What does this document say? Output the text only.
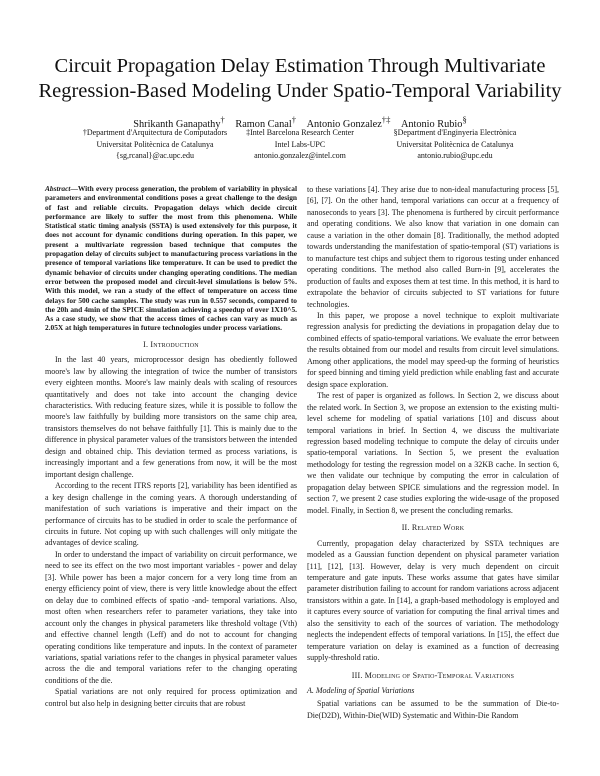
Circuit Propagation Delay Estimation Through Multivariate
Regression-Based Modeling Under Spatio-Temporal Variability
Shrikanth Ganapathy† Ramon Canal† Antonio Gonzalez†‡ Antonio Rubio§
†Department d'Arquitectura de Computadors
Universitat Politècnica de Catalunya
{sg,rcanal}@ac.upc.edu
‡Intel Barcelona Research Center
Intel Labs-UPC
antonio.gonzalez@intel.com
§Department d'Enginyeria Electrònica
Universitat Politècnica de Catalunya
antonio.rubio@upc.edu
Abstract—With every process generation, the problem of variability in physical parameters and environmental conditions poses a great challenge to the design of fast and reliable circuits. Propagation delays which decide circuit performance are likely to suffer the most from this phenomena. While Statistical static timing analysis (SSTA) is used extensively for this purpose, it does not account for dynamic conditions during operation. In this paper, we present a multivariate regression based technique that computes the propagation delay of circuits subject to manufacturing process variations in the presence of temporal variations like temperature. It can be used to predict the dynamic behavior of circuits under changing operating conditions. The median error between the proposed model and circuit-level simulations is below 5%. With this model, we ran a study of the effect of temperature on access time delays for 500 cache samples. The study was run in 0.557 seconds, compared to the 20h and 4min of the SPICE simulation achieving a speedup of over 1X10^5. As a case study, we show that the access times of caches can vary as much as 2.05X at high temperatures in future technologies under process variations.
I. Introduction

In the last 40 years, microprocessor design has obediently followed moore's law by allowing the integration of twice the number of transistors every eighteen months. Moore's law mainly deals with scaling of resources quantitatively and does not take into account the changing device characteristics. With reducing feature sizes, while it is possible to follow the moore's law faithfully by building more transistors on the same chip area, transistors themselves do not behave faithfully [1]. This is mainly due to the difference in physical parameter values of the transistors between the intended design and obtained chip. This deviation termed as process variations, is increasingly important and a few generations from now, it will be the most important design challenge.

According to the recent ITRS reports [2], variability has been identified as a key design challenge in the coming years. A thorough understanding of manifestation of such variations is imperative and their impact on the performance of circuits has to be studied in order to scale the performance of circuits in future. Not coping up with such challenges will only mitigate the advantages of device scaling.

In order to understand the impact of variability on circuit performance, we need to see its effect on the two most important variables - power and delay [3]. While power has been a major concern for a very long time from an energy efficiency point of view, there is very little knowledge about the effect on delay due to combined effects of spatio -and- temporal variations. Also, most often when researchers refer to parameter variations, they take into account only the changes in physical parameters like threshold voltage (Vth) and effective channel length (Leff) and do not to account for changing operating conditions like temperature and inputs. In the context of parameter variations, spatial variations refer to the changes in physical parameter values across the die and temporal variations refer to the changing operating conditions of the die.

Spatial variations are not only required for process optimization and control but also help in designing better circuits that are robust

to these variations [4]. They arise due to non-ideal manufacturing process [5], [6], [7]. On the other hand, temporal variations can occur at a frequency of nanoseconds to years [3]. The phenomena is furthered by circuit performance and operating conditions. We also know that variation in one domain can cause a variation in the other domain [8]. Traditionally, the method adopted towards understanding the manifestation of spatio-temporal (ST) variations is to manufacture test chips and subject them to rigorous testing under enhanced operating conditions. The method also called Burn-in [9], accelerates the production of faults and exposes them at test time. In this method, it is hard to extrapolate the behavior of circuits subjected to ST variations for future technologies.

In this paper, we propose a novel technique to exploit multivariate regression analysis for predicting the deviations in propagation delay due to combined effects of spatio-temporal variations. We evaluate the error between the results obtained from our model and results from circuit level simulations. Among other applications, the model may speed-up the forming of heuristics for speed binning and timing yield prediction while enabling fast and accurate design space exploration.

The rest of paper is organized as follows. In Section 2, we discuss about the related work. In Section 3, we propose an extension to the existing multi-level scheme for modeling of spatial variations [10] and discuss about temporal variations in brief. In Section 4, we discuss the multivariate regression based modeling technique to compute the delay of circuits under spatio-temporal variations. In Section 5, we present the evaluation methodology for testing the regression model on a 32KB cache. In section 6, we then validate our technique by computing the error in calculation of propagation delay between SPICE simulations and the regression model. In section 7, we present 2 case studies exploring the wide-usage of the proposed model. Finally, in Section 8, we present the concluding remarks.

II. Related Work

Currently, propagation delay characterized by SSTA techniques are modeled as a Gaussian function dependent on physical parameter variation [11], [12], [13]. However, delay is very much dependent on circuit temperature and gate inputs. These works assume that gates have similar parameter distribution failing to account for random variations across adjacent transistors within a gate. In [14], a graph-based methodology is employed and it captures every source of variation for computing the final arrival times and also the sensitivity to each of the sources of variation. The methodology neglects the independent effects of temporal variations. In [15], the effect due temperature variation on delay is examined as a function of decreasing supply-threshold ratio.

III. Modeling of Spatio-Temporal Variations
A. Modeling of Spatial Variations

Spatial variations can be assumed to be the summation of Die-to-Die(D2D), Within-Die(WID) Systematic and Within-Die Random
